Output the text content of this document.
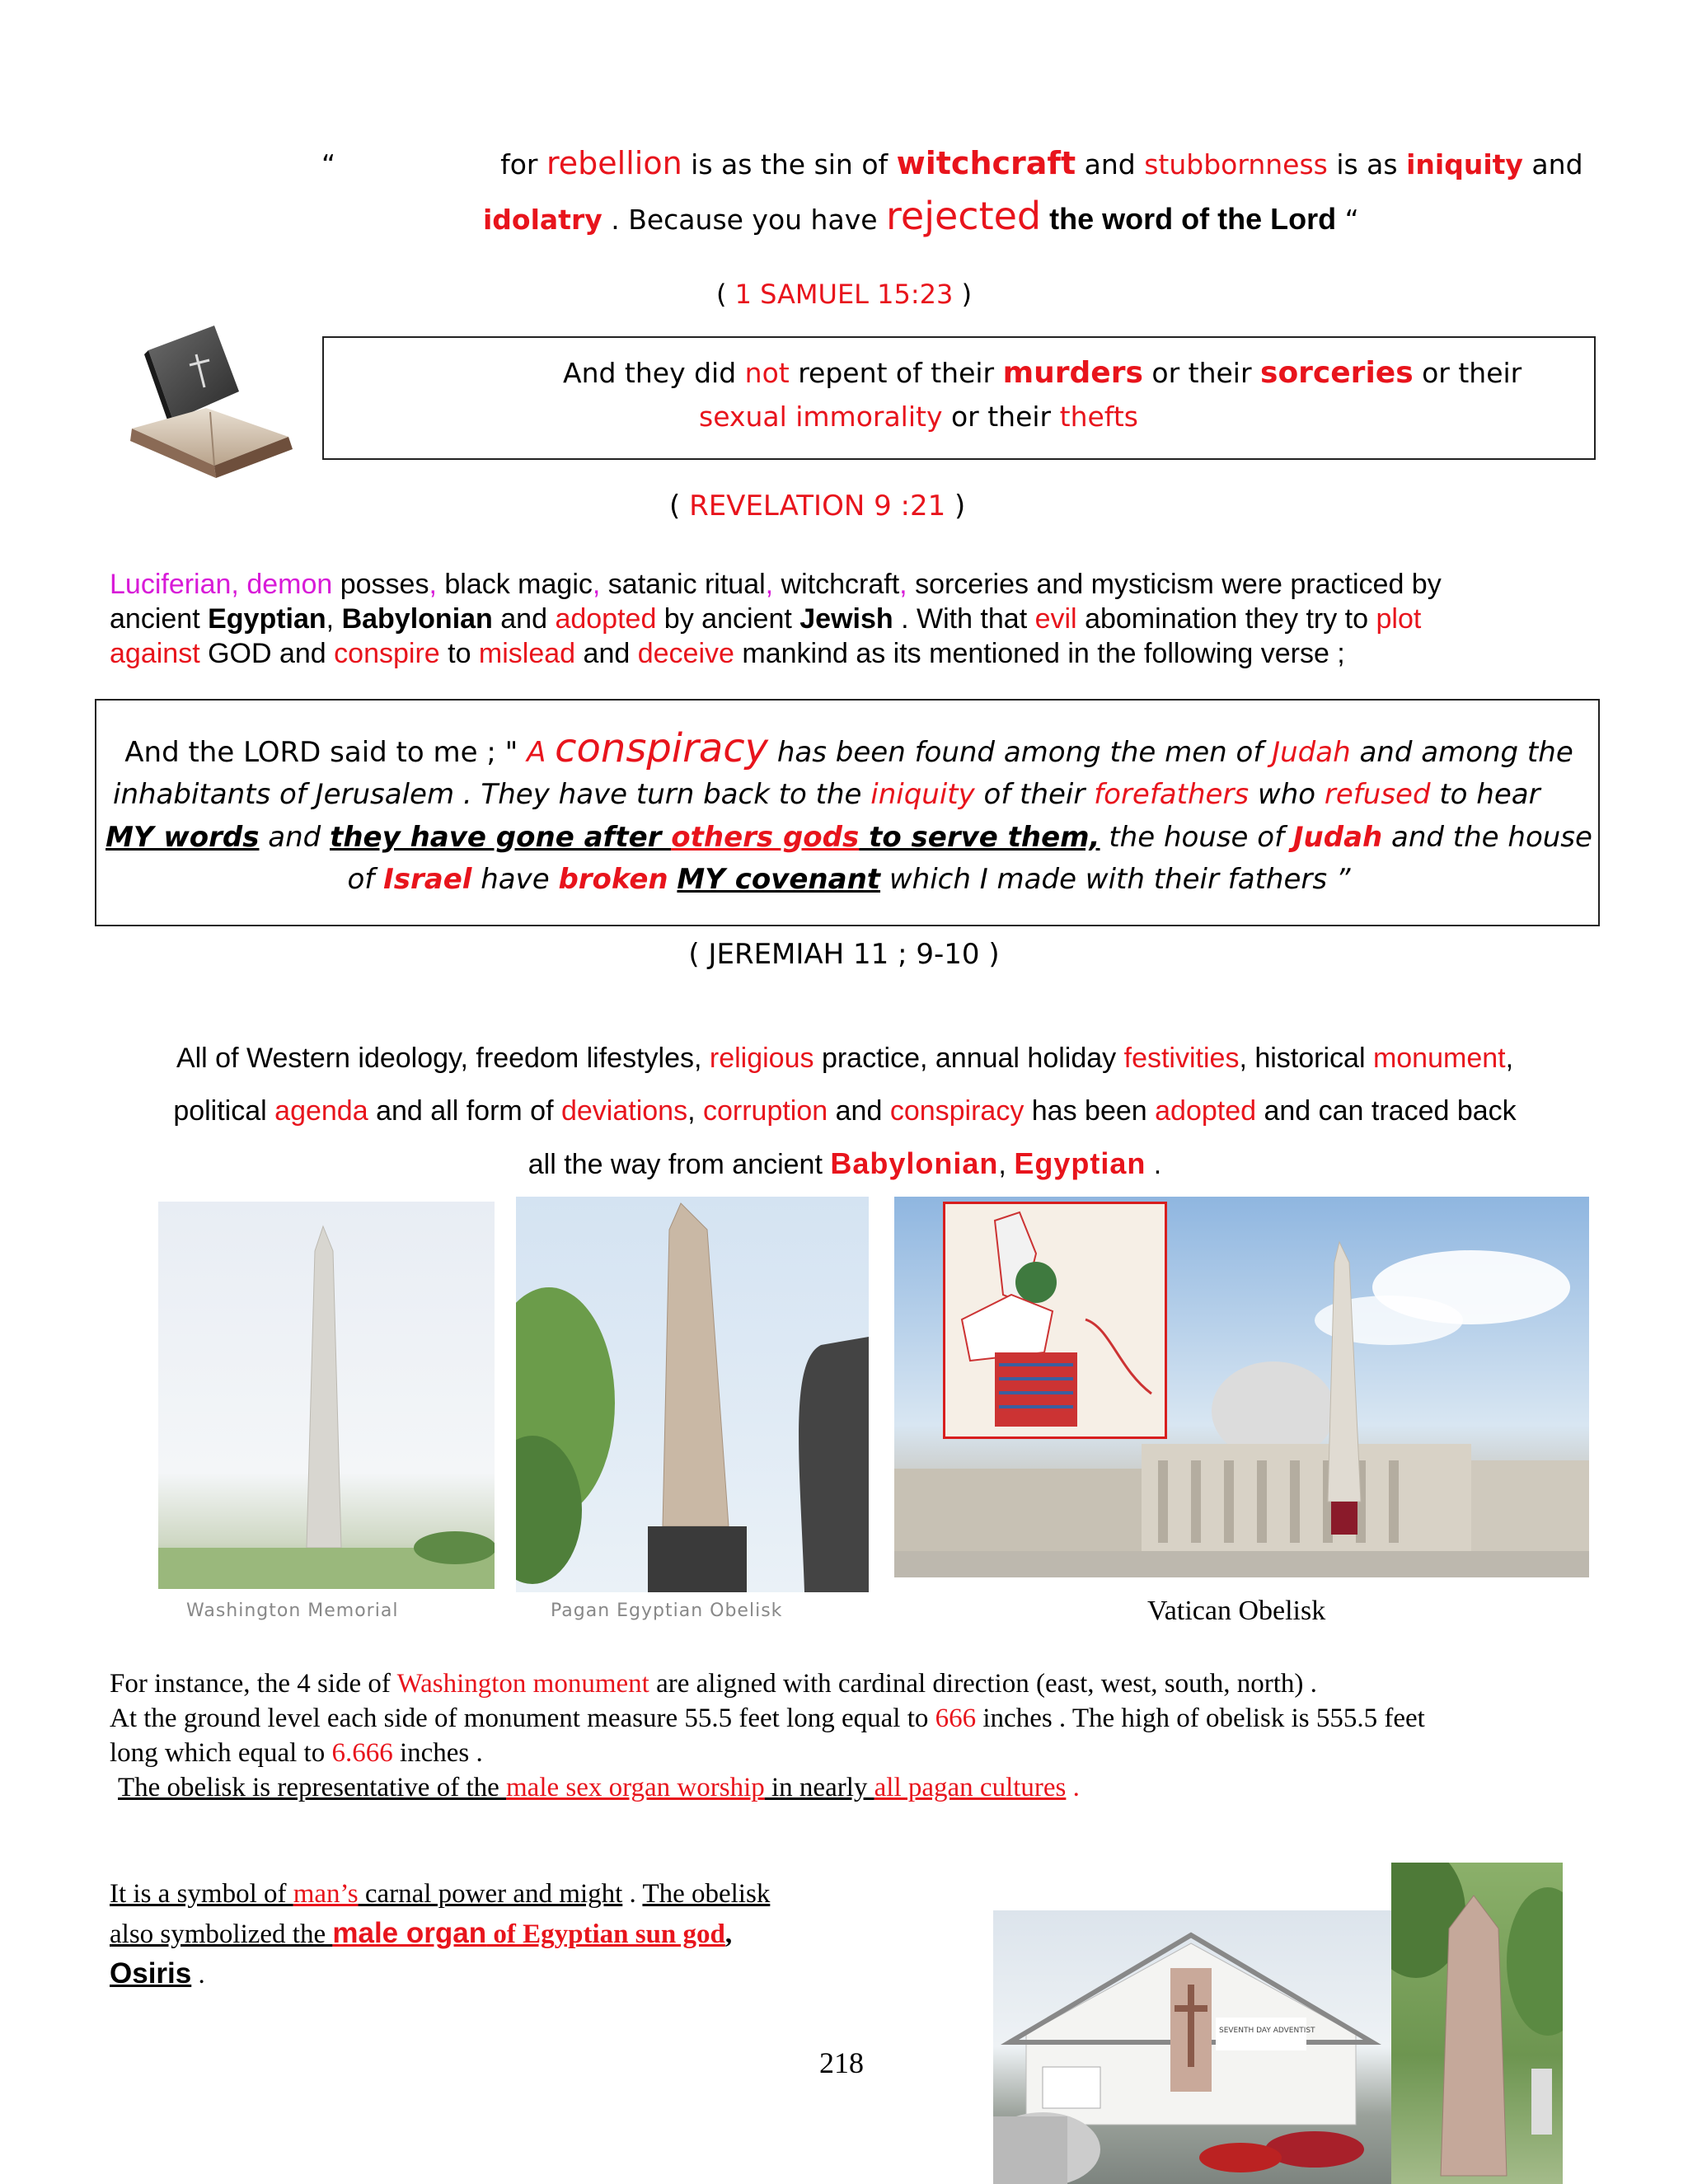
“	for rebellion is as the sin of witchcraft and stubbornness is as iniquity and
idolatry . Because you have rejected the word of the Lord “
( 1 SAMUEL 15:23 )
And they did not repent of their murders or their sorceries or their
sexual immorality or their thefts
( REVELATION 9 :21 )
Luciferian, demon posses, black magic, satanic ritual, witchcraft, sorceries and mysticism were practiced by
ancient Egyptian, Babylonian and adopted by ancient Jewish . With that evil abomination they try to plot
against GOD and conspire to mislead and deceive mankind as its mentioned in the following verse ;
And the LORD said to me ; " A conspiracy has been found among the men of Judah and among the
inhabitants of Jerusalem . They have turn back to the iniquity of their forefathers who refused to hear
MY words and they have gone after others gods to serve them, the house of Judah and the house
of Israel have broken MY covenant which I made with their fathers ”
( JEREMIAH 11 ; 9-10 )
All of Western ideology, freedom lifestyles, religious practice, annual holiday festivities, historical monument,
political agenda and all form of deviations, corruption and conspiracy has been adopted and can traced back
all the way from ancient Babylonian, Egyptian .
Washington Memorial	Pagan Egyptian Obelisk	Vatican Obelisk
For instance, the 4 side of Washington monument are aligned with cardinal direction (east, west, south, north) .
At the ground level each side of monument measure 55.5 feet long equal to 666 inches . The high of obelisk is 555.5 feet
long which equal to 6.666 inches .
The obelisk is representative of the male sex organ worship in nearly all pagan cultures .
It is a symbol of man’s carnal power and might . The obelisk
also symbolized the male organ of Egyptian sun god,
Osiris .
SEVENTH DAY ADVENTIST
218
